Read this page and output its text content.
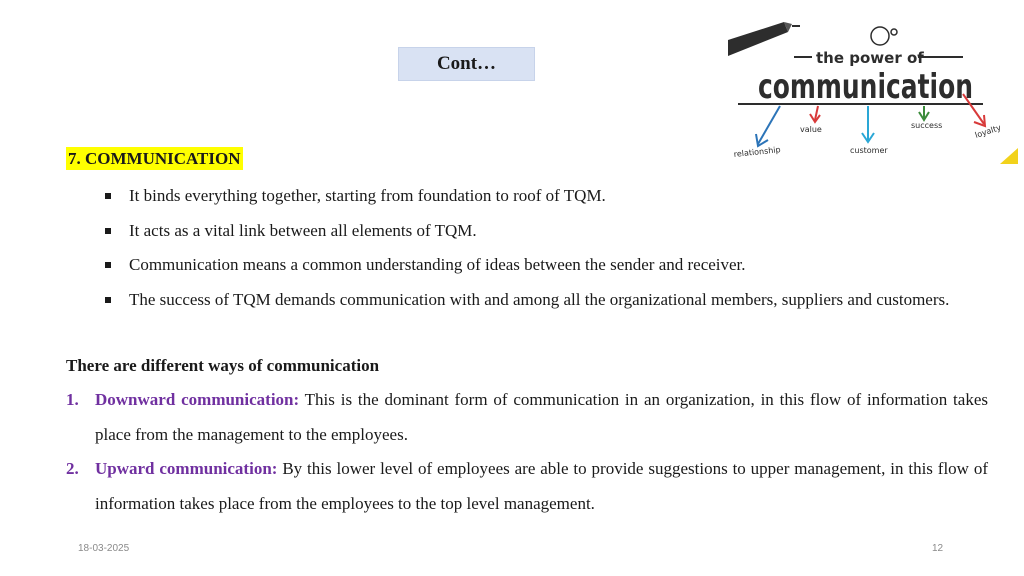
Cont…	the power of
communication
relationship
value
customer
success	loyalty
7. COMMUNICATION
It binds everything together, starting from foundation to roof of TQM.
It acts as a vital link between all elements of TQM.
Communication means a common understanding of ideas between the sender and receiver.
The success of TQM demands communication with and among all the organizational members, suppliers and customers.
There are different ways of communication
1. Downward communication: This is the dominant form of communication in an organization, in this flow of information takes place from the management to the employees.
2. Upward communication: By this lower level of employees are able to provide suggestions to upper management, in this flow of information takes place from the employees to the top level management.
18-03-2025	12
